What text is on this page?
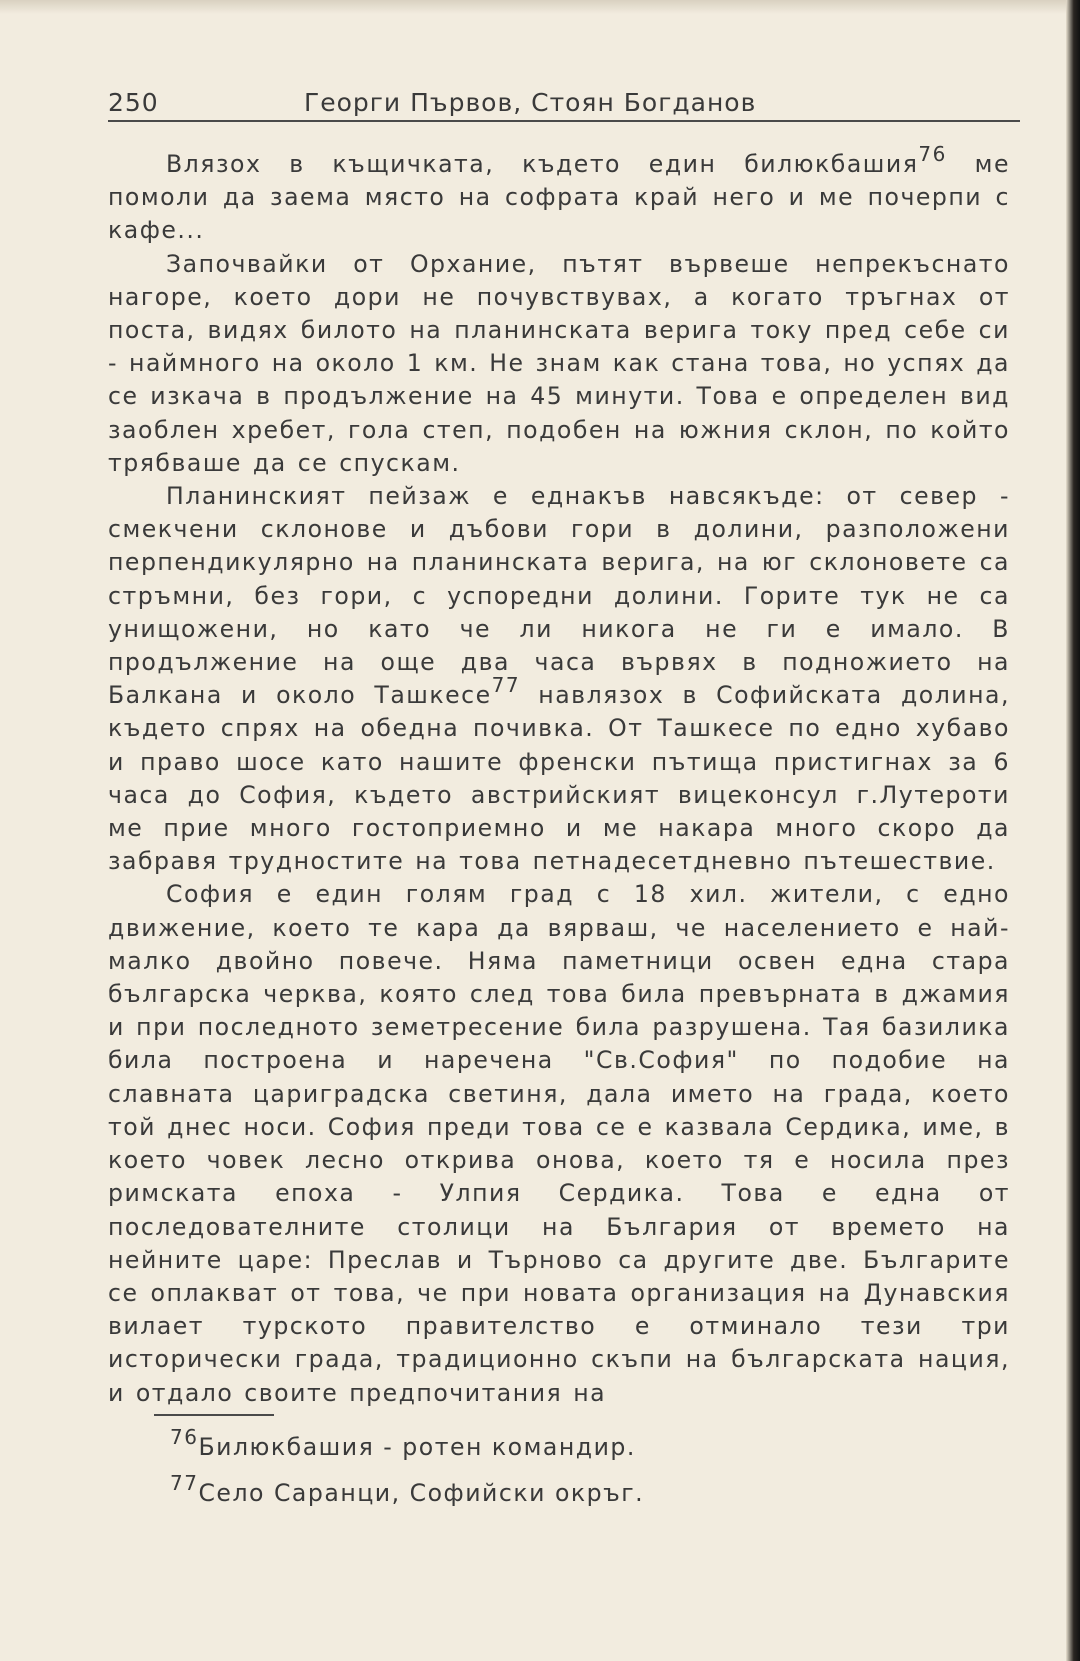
250	Георги Първов, Стоян Богданов

Влязох в къщичката, където един билюкбашия$^{76}$ ме помоли да заема място на софрата край него и ме почерпи с кафе...

Започвайки от Орхание, пътят вървеше непрекъснато нагоре, което дори не почувствувах, а когато тръгнах от поста, видях билото на планинската верига току пред себе си - наймного на около 1 км. Не знам как стана това, но успях да се изкача в продължение на 45 минути. Това е определен вид заоблен хребет, гола степ, подобен на южния склон, по който трябваше да се спускам.

Планинският пейзаж е еднакъв навсякъде: от север - смекчени склонове и дъбови гори в долини, разположени перпендикулярно на планинската верига, на юг склоновете са стръмни, без гори, с успоредни долини. Горите тук не са унищожени, но като че ли никога не ги е имало. В продължение на още два часа вървях в подножието на Балкана и около Ташкесе$^{77}$ навлязох в Софийската долина, където спрях на обедна почивка. От Ташкесе по едно хубаво и право шосе като нашите френски пътища пристигнах за 6 часа до София, където австрийският вицеконсул г.Лутероти ме прие много гостоприемно и ме накара много скоро да забравя трудностите на това петнадесетдневно пътешествие.

София е един голям град с 18 хил. жители, с едно движение, което те кара да вярваш, че населението е най-малко двойно повече. Няма паметници освен една стара българска черква, която след това била превърната в джамия и при последното земетресение била разрушена. Тая базилика била построена и наречена "Св.София" по подобие на славната цариградска светиня, дала името на града, което той днес носи. София преди това се е казвала Сердика, име, в което човек лесно открива онова, което тя е носила през римската епоха - Улпия Сердика. Това е една от последователните столици на България от времето на нейните царе: Преслав и Търново са другите две. Българите се оплакват от това, че при новата организация на Дунавския вилает турското правителство е отминало тези три исторически града, традиционно скъпи на българската нация, и отдало своите предпочитания на

$^{76}$Билюкбашия - ротен командир.
$^{77}$Село Саранци, Софийски окръг.
